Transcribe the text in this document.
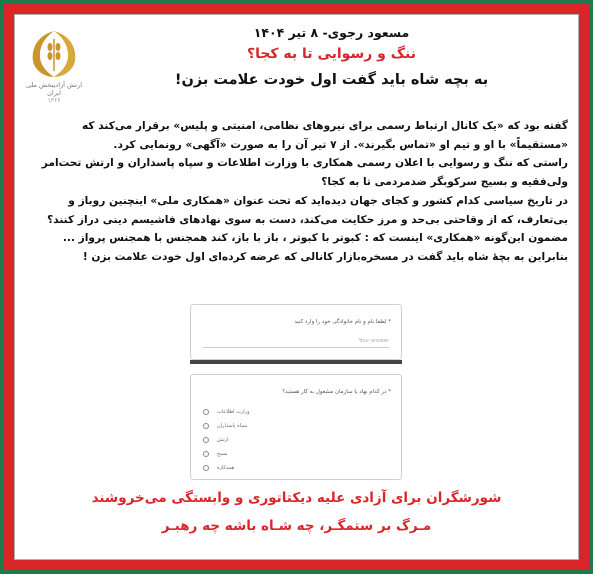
ارتش آزادیبخش ملی ایران
۱۳۶۶
مسعود رجوی- ۸ تیر ۱۴۰۴
ننگ و رسوایی تا به کجا؟
به بچه شاه باید گفت اول خودت علامت بزن!

گفته بود که «یک کانال ارتباط رسمی برای نیروهای نظامی، امنیتی و پلیس» برقرار می‌کند که «مستقیماً» با او و تیم او «تماس بگیرند». از ۷ تیر آن را به صورت «آگهی» رونمایی کرد.

راستی که ننگ و رسوایی با اعلان رسمی همکاری با وزارت اطلاعات و سپاه پاسداران و ارتش تحت‌امر ولی‌فقیه و بسیج سرکوبگر ضدمردمی تا به کجا؟

در تاریخ سیاسی کدام کشور و کجای جهان دیده‌اید که تحت عنوان «همکاری ملی» اینچنین روباز و بی‌تعارف، که از وقاحتی بی‌حد و مرز حکایت می‌کند، دست به سوی نهادهای فاشیسم دینی دراز کنند؟

مضمون این‌گونه «همکاری» اینست که : کبوتر با کبوتر ، باز با باز، کند همجنس با همجنس پرواز ...

بنابراین به بچهٔ شاه باید گفت در مسخره‌بازار کانالی که عرضه کرده‌ای اول خودت علامت بزن !

* لطفا نام و نام خانوادگی خود را وارد کنید
Your answer
* در کدام نهاد یا سازمان مشغول به کار هستید؟
وزارت اطلاعات
سپاه پاسداران
ارتش
بسیج
همه‌کاره
شورشگران برای آزادی علیه دیکتاتوری و وابستگی می‌خروشند
مـرگ بر ستمگـر، چه شـاه باشه چه رهبـر
